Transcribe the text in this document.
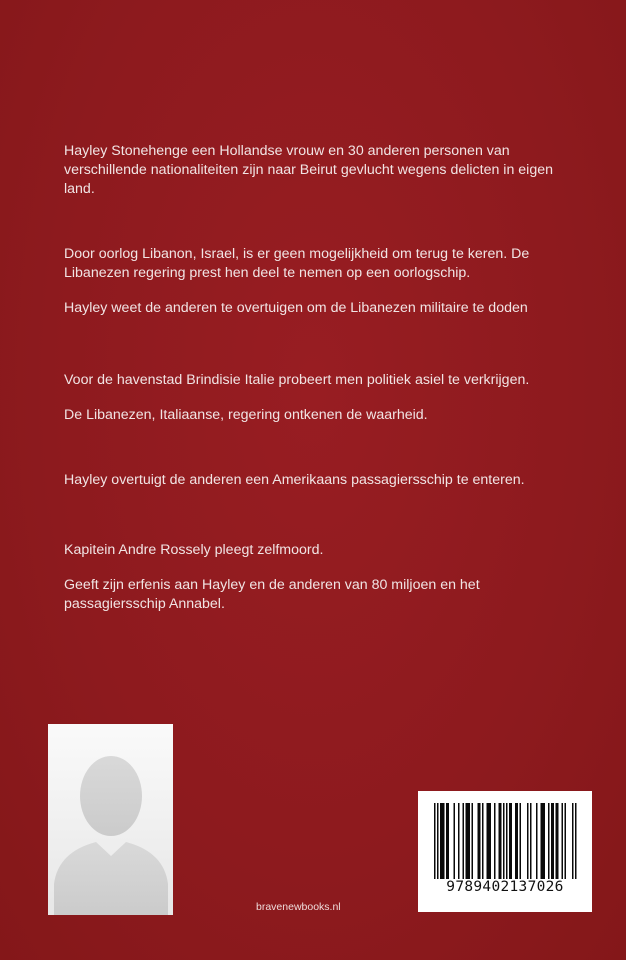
Hayley Stonehenge een Hollandse vrouw en 30 anderen personen van verschillende nationaliteiten zijn naar Beirut gevlucht wegens delicten in eigen land.

Door oorlog Libanon, Israel, is er geen mogelijkheid om terug te keren. De Libanezen regering prest hen deel te nemen op een oorlogschip.

Hayley weet de anderen te overtuigen om de Libanezen militaire te doden

Voor de havenstad Brindisie Italie probeert men politiek asiel te verkrijgen.

De Libanezen, Italiaanse, regering ontkenen de waarheid.

Hayley overtuigt de anderen een Amerikaans passagiersschip te enteren.

Kapitein Andre Rossely pleegt zelfmoord.

Geeft zijn erfenis aan Hayley en de anderen van 80 miljoen en het passagiersschip Annabel.

bravenewbooks.nl
9789402137026
